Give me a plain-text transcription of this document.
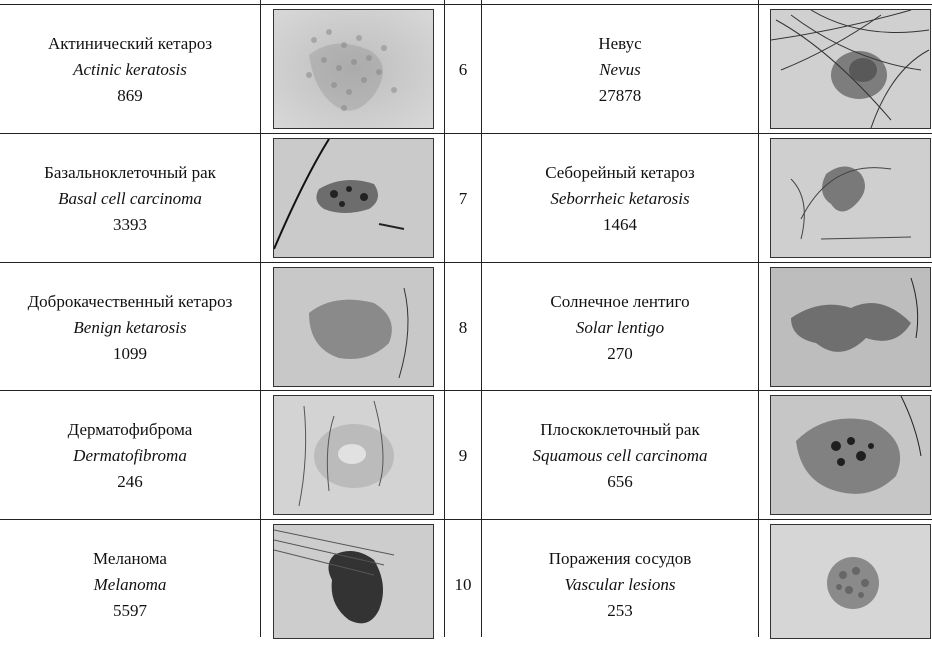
Актинический кетароз
Actinic keratosis
869
6
Невус
Nevus
27878
Базальноклеточный рак
Basal cell carcinoma
3393
7
Себорейный кетароз
Seborrheic ketarosis
1464
Доброкачественный кетароз
Benign ketarosis
1099
8
Солнечное лентиго
Solar lentigo
270
Дерматофиброма
Dermatofibroma
246
9
Плоскоклеточный рак
Squamous cell carcinoma
656
Меланома
Melanoma
5597
10
Поражения сосудов
Vascular lesions
253
